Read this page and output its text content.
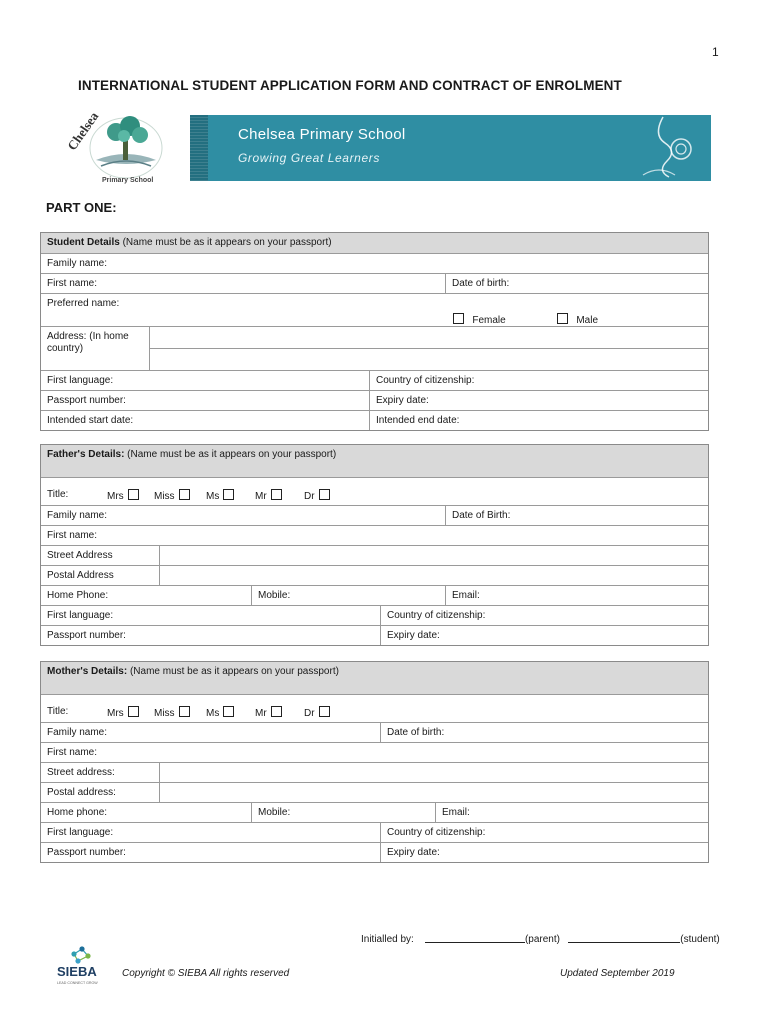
1
INTERNATIONAL STUDENT APPLICATION FORM AND CONTRACT OF ENROLMENT
Chelsea
Primary School
Chelsea Primary School
Growing Great Learners
PART ONE:
Student Details (Name must be as it appears on your passport)
Family name:
First name:	Date of birth:
Preferred name:
Female	Male
Address: (In home country)
First language:	Country of citizenship:
Passport number:	Expiry date:
Intended start date:	Intended end date:
Father's Details: (Name must be as it appears on your passport)
Title:	Mrs	Miss	Ms	Mr	Dr
Family name:	Date of Birth:
First name:
Street Address
Postal Address
Home Phone:	Mobile:	Email:
First language:	Country of citizenship:
Passport number:	Expiry date:
Mother's Details: (Name must be as it appears on your passport)
Title:	Mrs	Miss	Ms	Mr	Dr
Family name:	Date of birth:
First name:
Street address:
Postal address:
Home phone:	Mobile:	Email:
First language:	Country of citizenship:
Passport number:	Expiry date:
Initialled by:	(parent)	(student)
SIEBA
LEAD CONNECT GROW
Copyright © SIEBA All rights reserved	Updated September 2019
